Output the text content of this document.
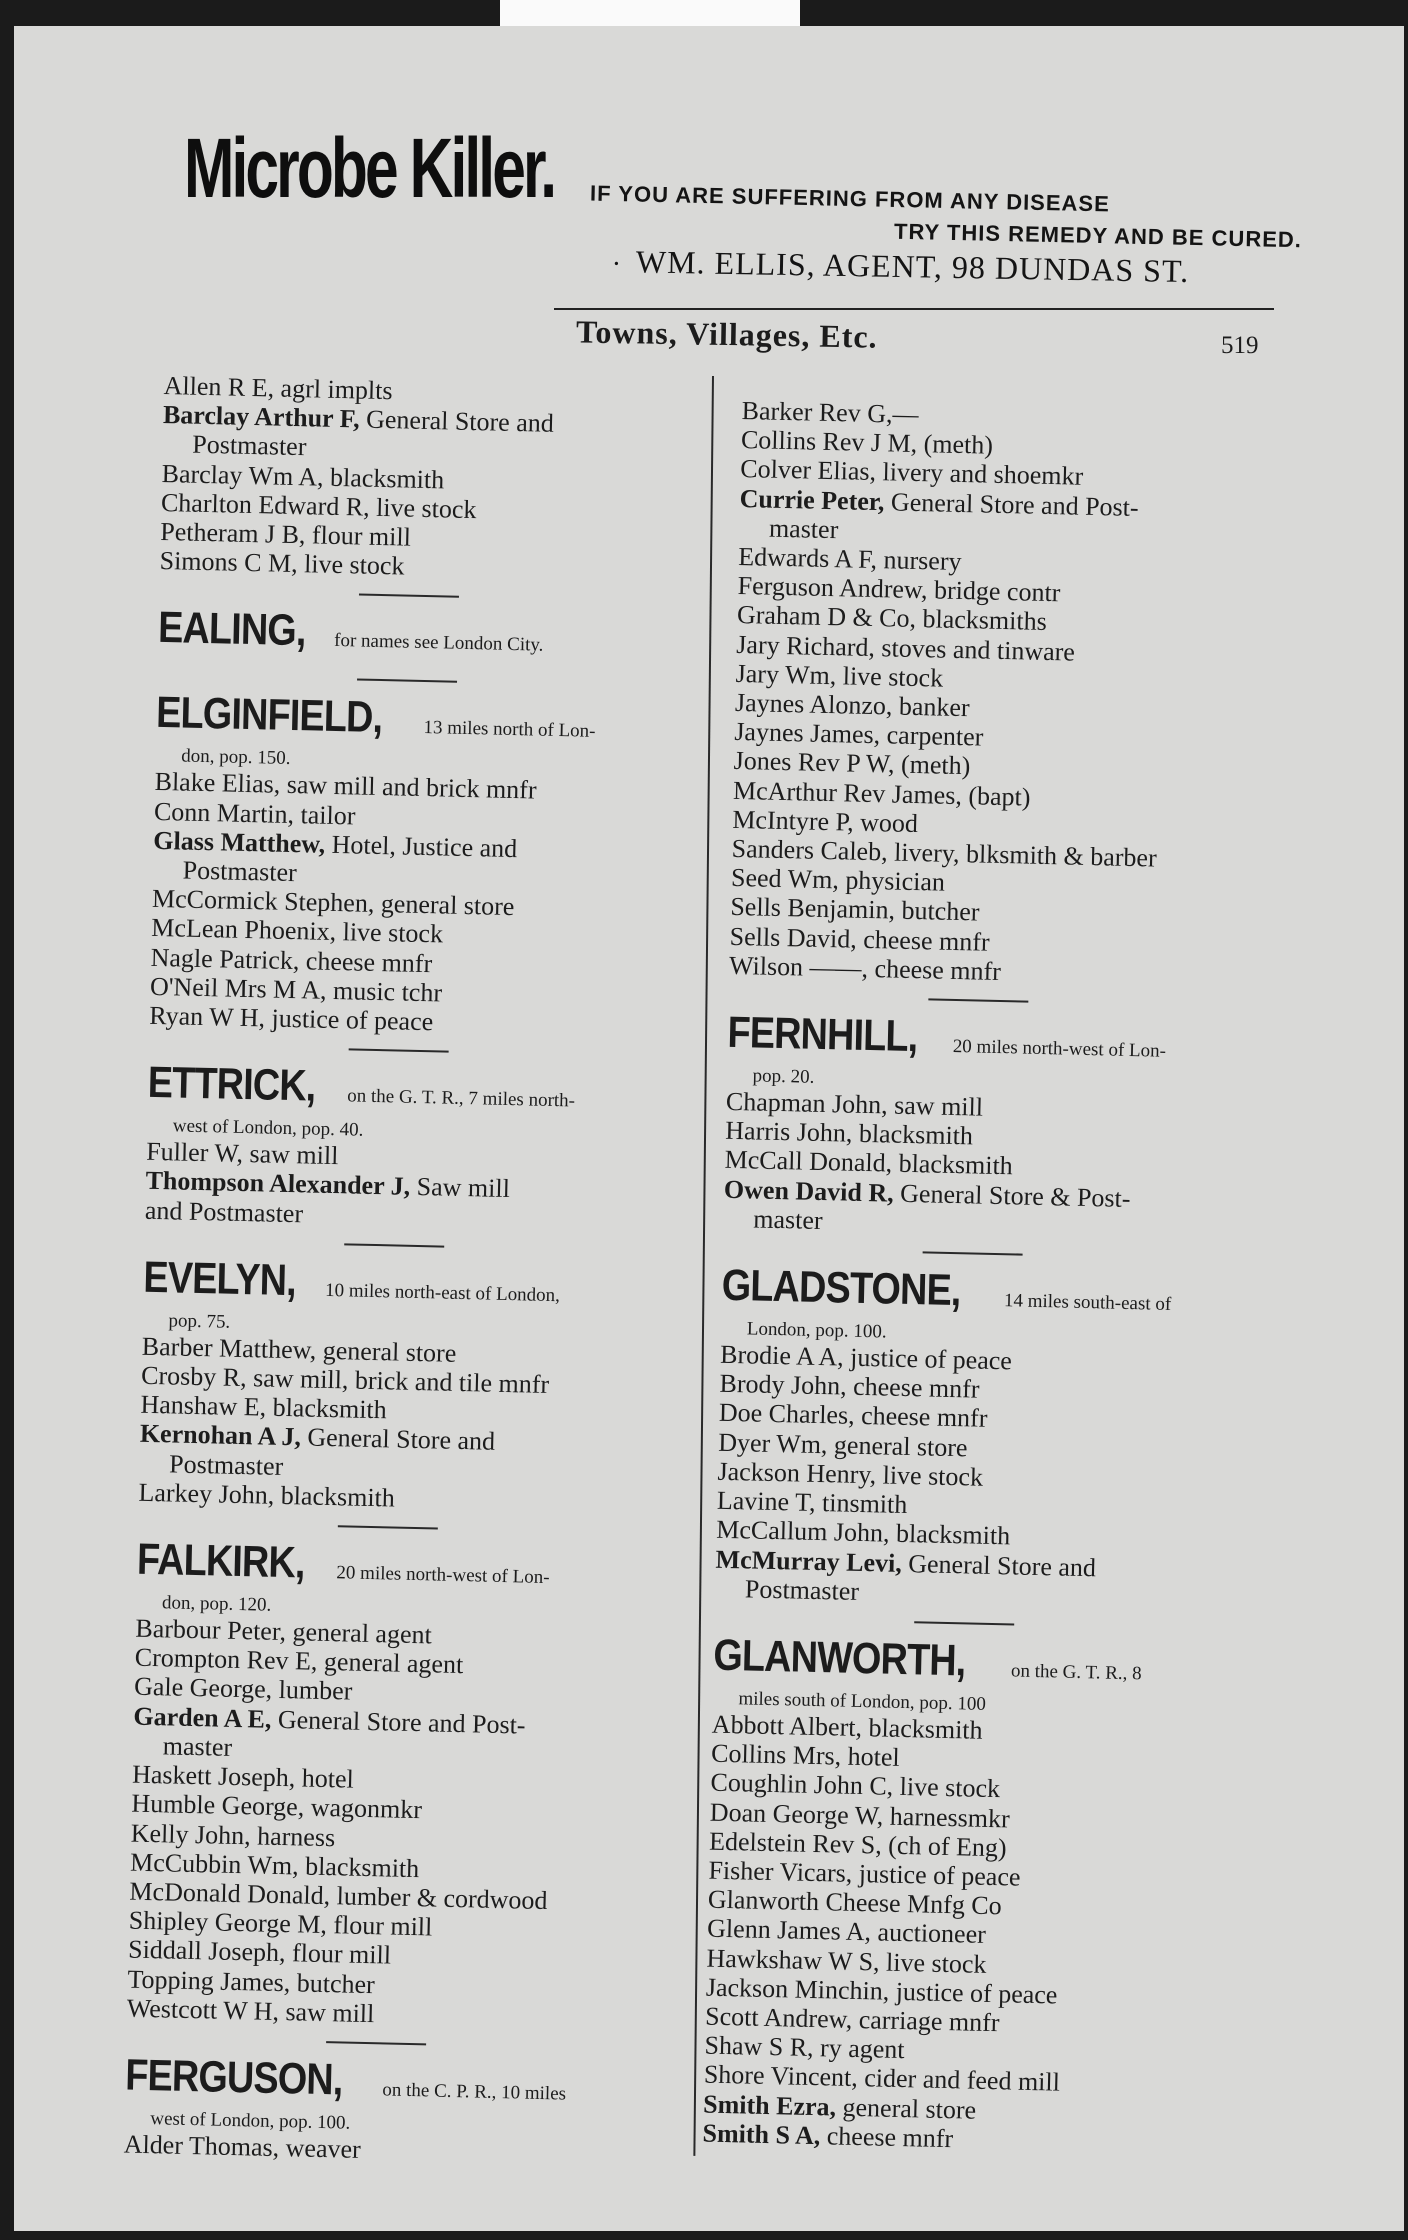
Microbe Killer. IF YOU ARE SUFFERING FROM ANY DISEASE
TRY THIS REMEDY AND BE CURED.
• WM. ELLIS, AGENT, 98 DUNDAS ST.
Towns, Villages, Etc.	519
Allen R E, agrl implts
Barclay Arthur F, General Store and
Postmaster
Barclay Wm A, blacksmith
Charlton Edward R, live stock
Petheram J B, flour mill
Simons C M, live stock
EALING, for names see London City.
ELGINFIELD, 13 miles north of Lon-
don, pop. 150.
Blake Elias, saw mill and brick mnfr
Conn Martin, tailor
Glass Matthew, Hotel, Justice and
Postmaster
McCormick Stephen, general store
McLean Phoenix, live stock
Nagle Patrick, cheese mnfr
O'Neil Mrs M A, music tchr
Ryan W H, justice of peace
ETTRICK, on the G. T. R., 7 miles north-
west of London, pop. 40.
Fuller W, saw mill
Thompson Alexander J, Saw mill
and Postmaster
EVELYN, 10 miles north-east of London,
pop. 75.
Barber Matthew, general store
Crosby R, saw mill, brick and tile mnfr
Hanshaw E, blacksmith
Kernohan A J, General Store and
Postmaster
Larkey John, blacksmith
FALKIRK, 20 miles north-west of Lon-
don, pop. 120.
Barbour Peter, general agent
Crompton Rev E, general agent
Gale George, lumber
Garden A E, General Store and Post-
master
Haskett Joseph, hotel
Humble George, wagonmkr
Kelly John, harness
McCubbin Wm, blacksmith
McDonald Donald, lumber & cordwood
Shipley George M, flour mill
Siddall Joseph, flour mill
Topping James, butcher
Westcott W H, saw mill
FERGUSON, on the C. P. R., 10 miles
west of London, pop. 100.
Alder Thomas, weaver
Barker Rev G,—
Collins Rev J M, (meth)
Colver Elias, livery and shoemkr
Currie Peter, General Store and Post-
master
Edwards A F, nursery
Ferguson Andrew, bridge contr
Graham D & Co, blacksmiths
Jary Richard, stoves and tinware
Jary Wm, live stock
Jaynes Alonzo, banker
Jaynes James, carpenter
Jones Rev P W, (meth)
McArthur Rev James, (bapt)
McIntyre P, wood
Sanders Caleb, livery, blksmith & barber
Seed Wm, physician
Sells Benjamin, butcher
Sells David, cheese mnfr
Wilson ——, cheese mnfr
FERNHILL, 20 miles north-west of Lon-
pop. 20.
Chapman John, saw mill
Harris John, blacksmith
McCall Donald, blacksmith
Owen David R, General Store & Post-
master
GLADSTONE, 14 miles south-east of
London, pop. 100.
Brodie A A, justice of peace
Brody John, cheese mnfr
Doe Charles, cheese mnfr
Dyer Wm, general store
Jackson Henry, live stock
Lavine T, tinsmith
McCallum John, blacksmith
McMurray Levi, General Store and
Postmaster
GLANWORTH, on the G. T. R., 8
miles south of London, pop. 100
Abbott Albert, blacksmith
Collins Mrs, hotel
Coughlin John C, live stock
Doan George W, harnessmkr
Edelstein Rev S, (ch of Eng)
Fisher Vicars, justice of peace
Glanworth Cheese Mnfg Co
Glenn James A, auctioneer
Hawkshaw W S, live stock
Jackson Minchin, justice of peace
Scott Andrew, carriage mnfr
Shaw S R, ry agent
Shore Vincent, cider and feed mill
Smith Ezra, general store
Smith S A, cheese mnfr
